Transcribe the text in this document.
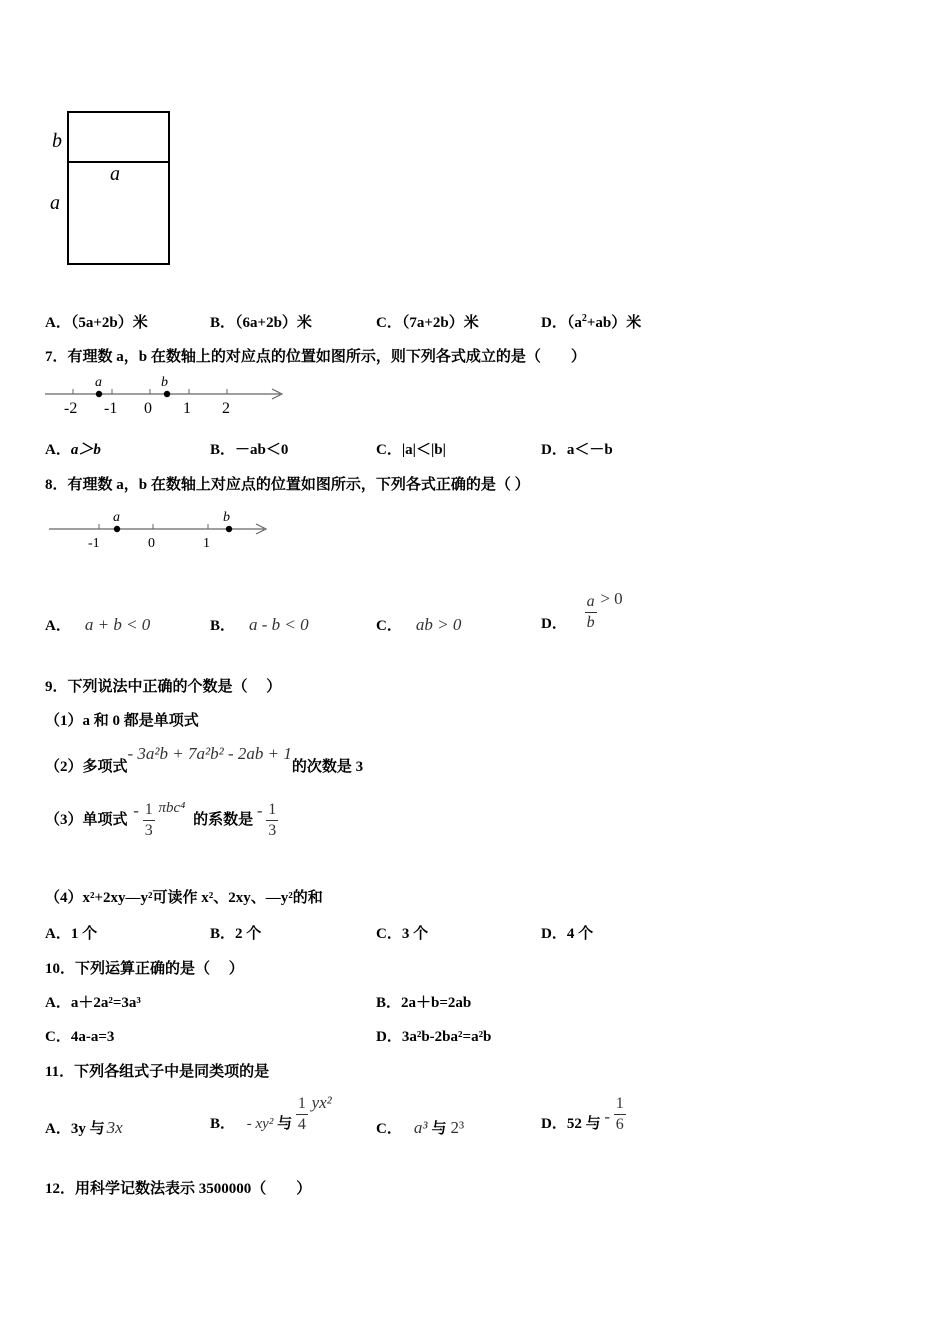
b
a
a
A．（5a+2b）米	B．（6a+2b）米	C．（7a+2b）米	D．$(a^2+ab)$米
7．有理数 a，b 在数轴上的对应点的位置如图所示，则下列各式成立的是（　　）
a	b
-2 -1 0 1 2
A．a＞b	B．－ab＜0	C．|a|＜|b|	D．a＜－b
8．有理数 a，b 在数轴上对应点的位置如图所示，下列各式正确的是（ ）
a	b
-1	0	1
A． a + b < 0	B． a - b < 0	C． ab > 0	D． $\frac{a}{b} > 0$
9．下列说法中正确的个数是（　 ）
（1）a 和 0 都是单项式
（2）多项式- 3a²b + 7a²b² - 2ab + 1的次数是 3
（3）单项式 - $\frac{1}{3} \pi bc^4$ 的系数是 - $\frac{1}{3}$
（4）x²+2xy—y²可读作 x²、2xy、—y²的和
A．1 个	B．2 个	C．3 个	D．4 个
10．下列运算正确的是（　 ）
A．a＋2a²=3a³	B．2a＋b=2ab
C．4a-a=3	D．3a²b-2ba²=a²b
11．下列各组式子中是同类项的是
A．3y 与 3x	B． - xy² 与 $\frac{1}{4} yx^2$
C． a³ 与 2³	D．52 与 - $\frac{1}{6}$
12．用科学记数法表示 3500000（　　）
